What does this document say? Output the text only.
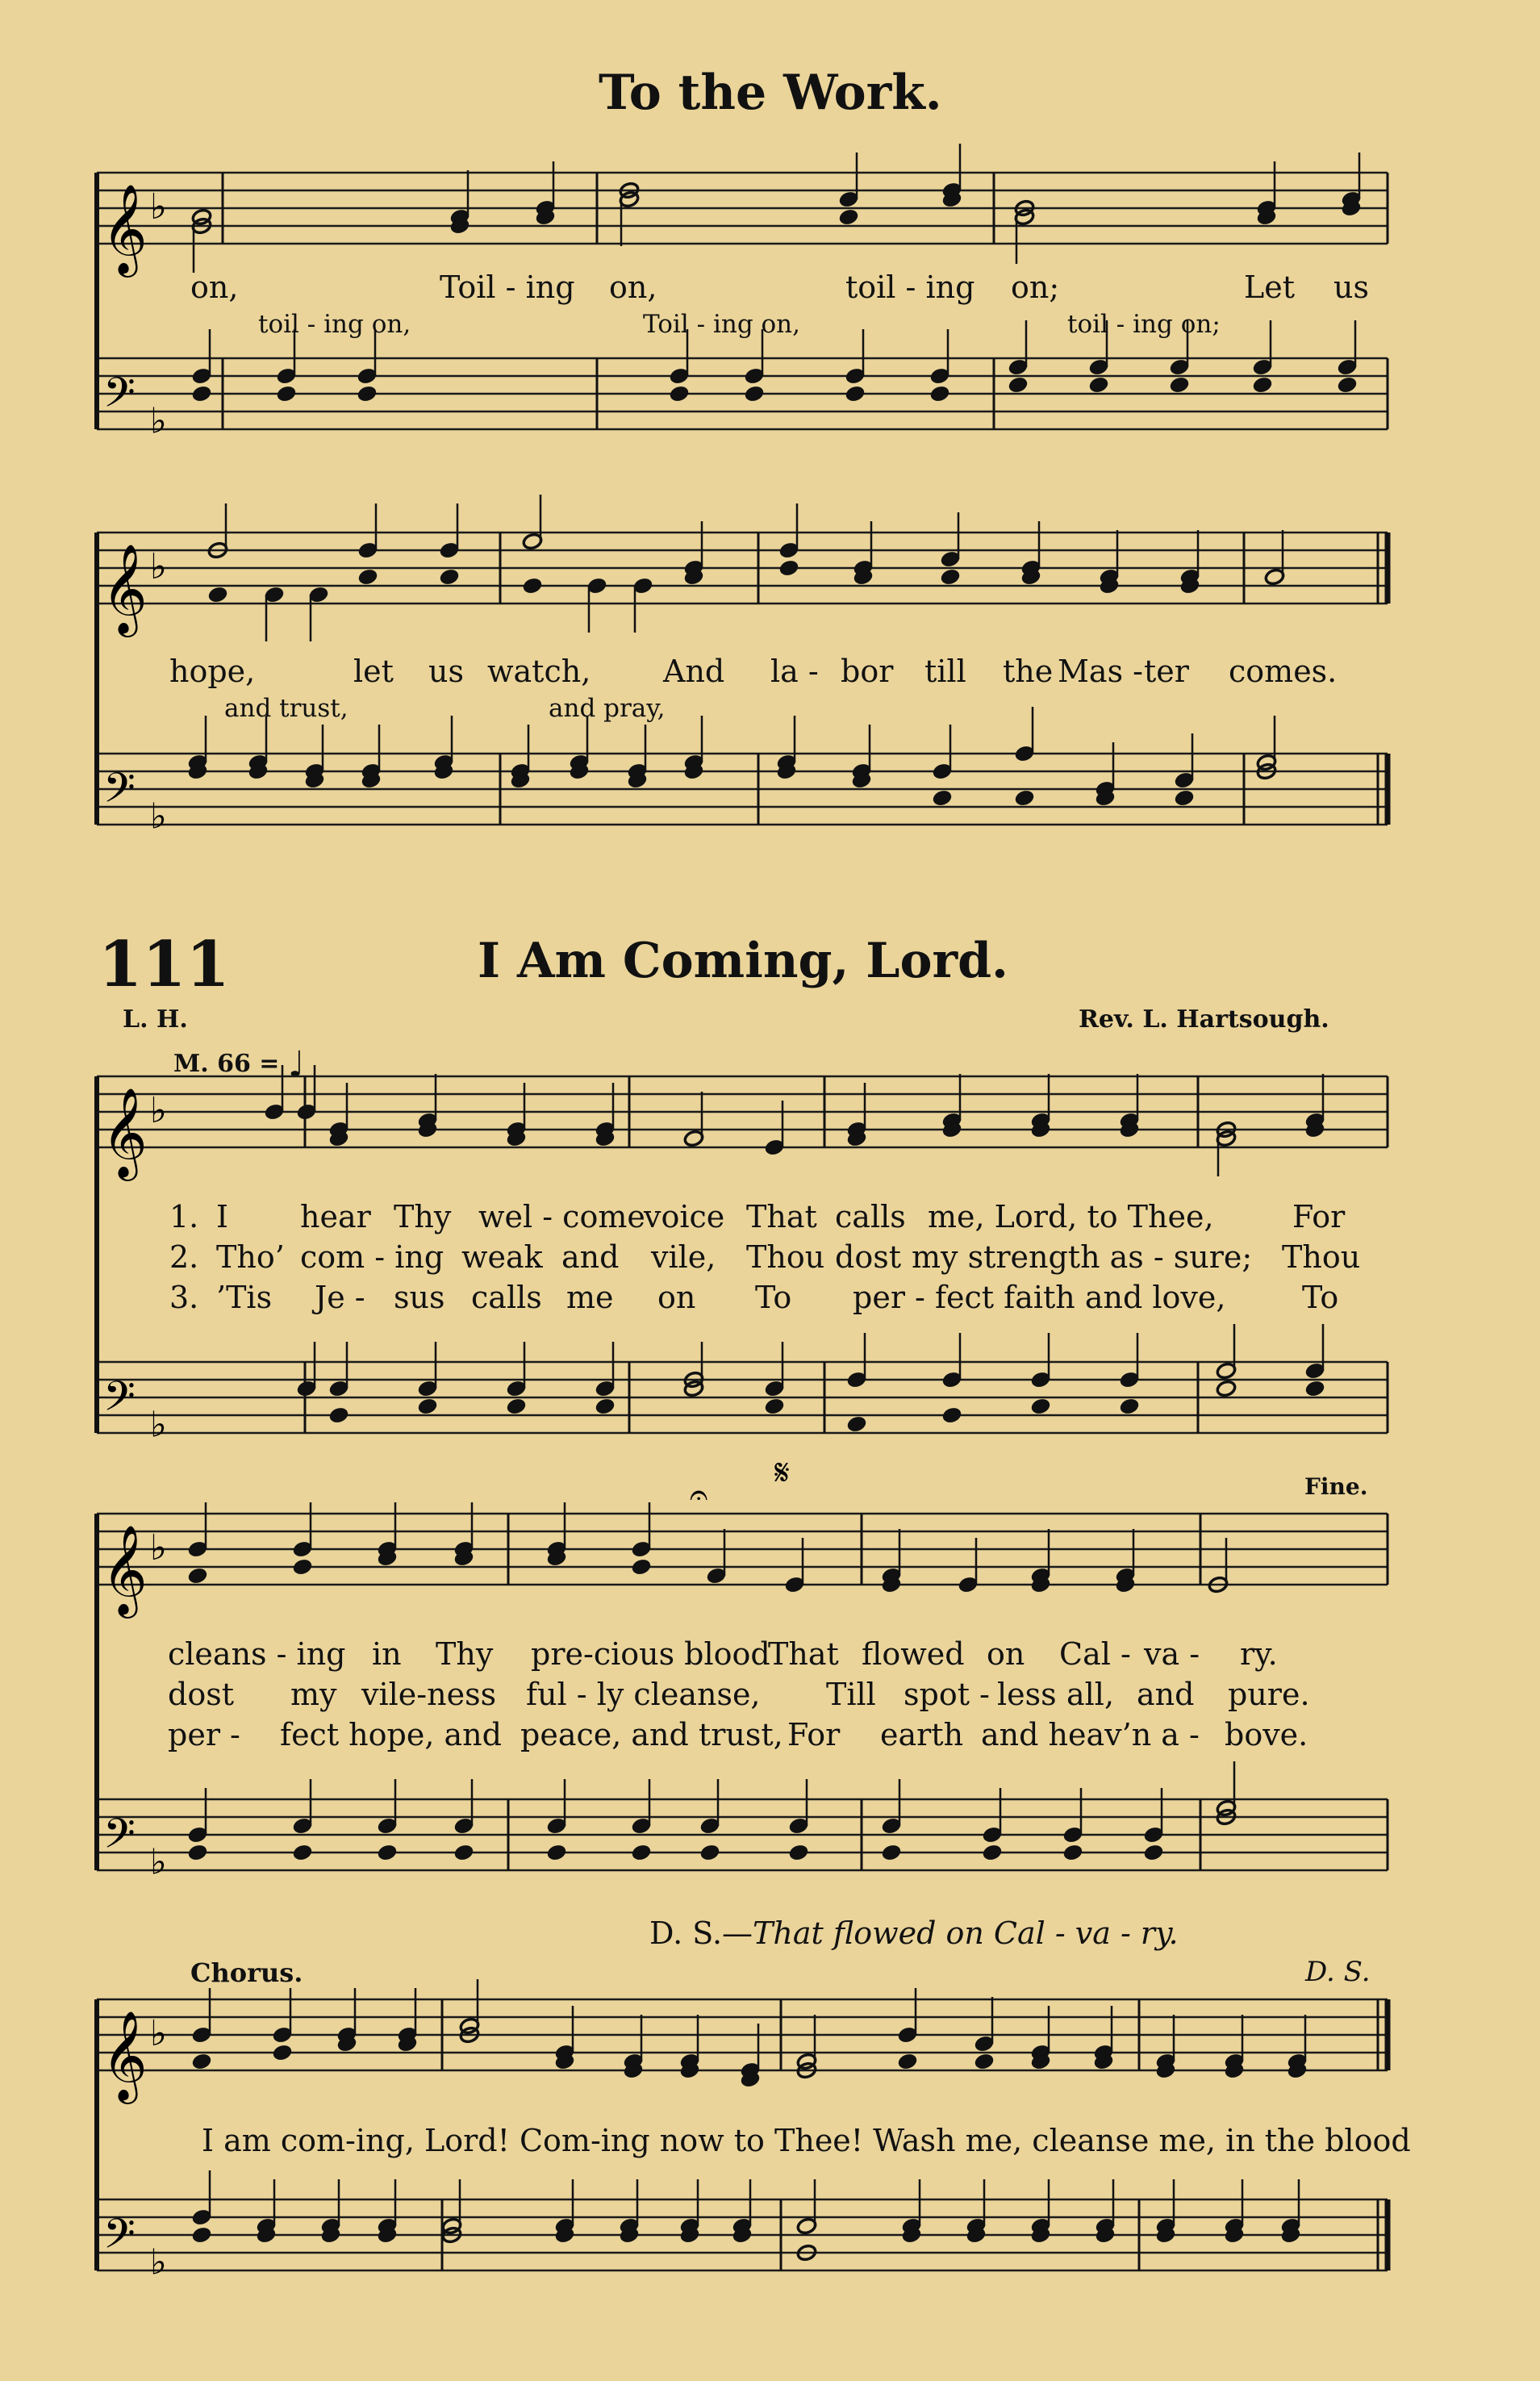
To the Work.
𝄞
𝄢
♭
♭
𝄞
𝄢
♭
♭
on,	Toil - ing on,	toil - ing on;	Let us
toil - ing on,	Toil - ing on,	toil - ing on;
hope,	let us watch, And la - bor till the Mas - ter comes.
and trust,	and pray,
111	I Am Coming, Lord.
L. H.	Rev. L. Hartsough.
M. 66 = ♩
𝄞
𝄢
♭
♭
𝄞
𝄢
♭
♭
𝄞
𝄢
♭
♭
𝄋
𝄐
1. I hear Thy wel - come
voice That calls me, Lord, to Thee,	For
2. Tho’ com - ing weak and vile, Thou dost my strength as - sure; Thou
3. ’Tis Je - sus calls me on To per - fect faith and love, To
Fine.
cleans - ing in Thy pre-cious blood
That flowed on Cal - va - ry.
dost my vile-ness ful - ly cleanse, Till spot - less all, and pure.
per - fect hope, and peace, and trust, For earth and heav’n a - bove.
D. S.—That flowed on Cal - va - ry.
Chorus.	D. S.
I am com-ing, Lord! Com-ing now to Thee! Wash me, cleanse me, in the blood
